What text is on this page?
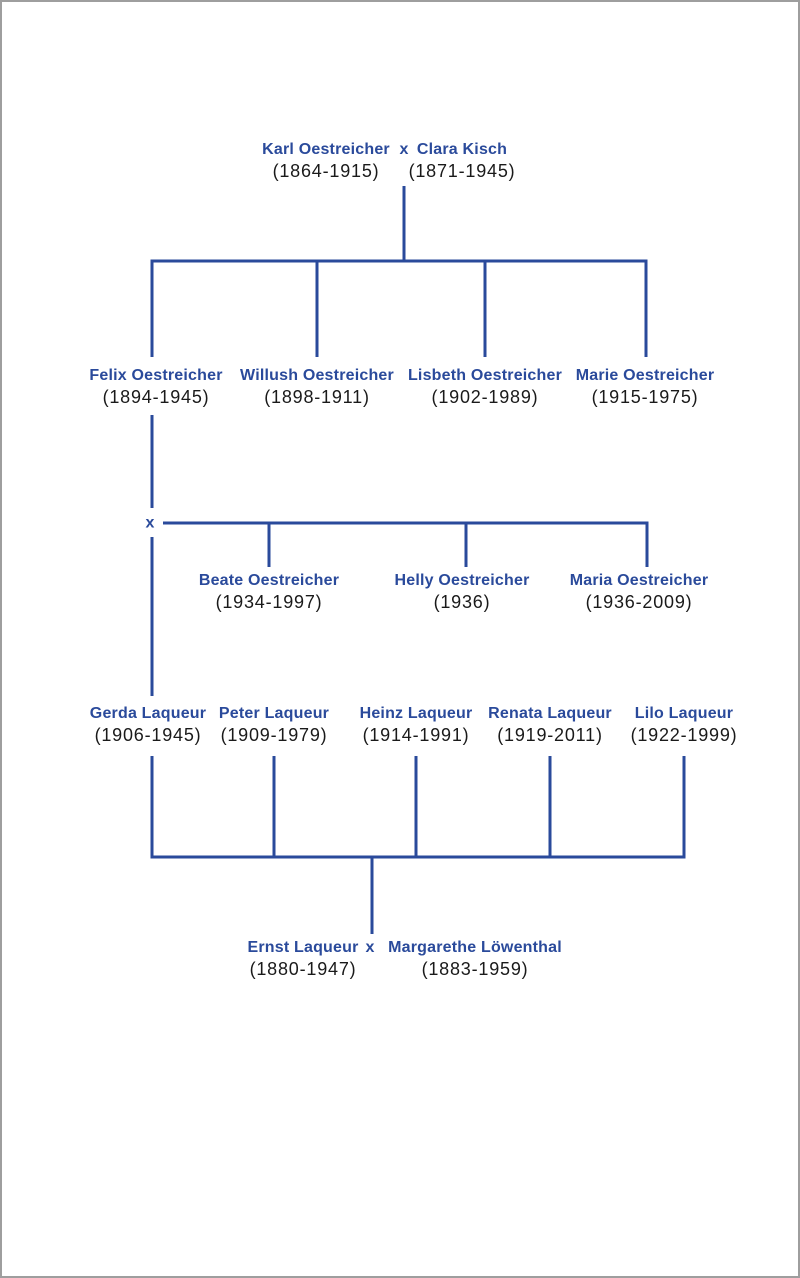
Karl Oestreicher
(1864-1915)
x Clara Kisch
(1871-1945)
Felix Oestreicher
(1894-1945)
Willush Oestreicher
(1898-1911)
Lisbeth Oestreicher
(1902-1989)
Marie Oestreicher
(1915-1975)
x
Beate Oestreicher
(1934-1997)
Helly Oestreicher
(1936)
Maria Oestreicher
(1936-2009)
Gerda Laqueur
(1906-1945)
Peter Laqueur
(1909-1979)
Heinz Laqueur
(1914-1991)
Renata Laqueur
(1919-2011)
Lilo Laqueur
(1922-1999)
Ernst Laqueur
(1880-1947)
x Margarethe Löwenthal
(1883-1959)
